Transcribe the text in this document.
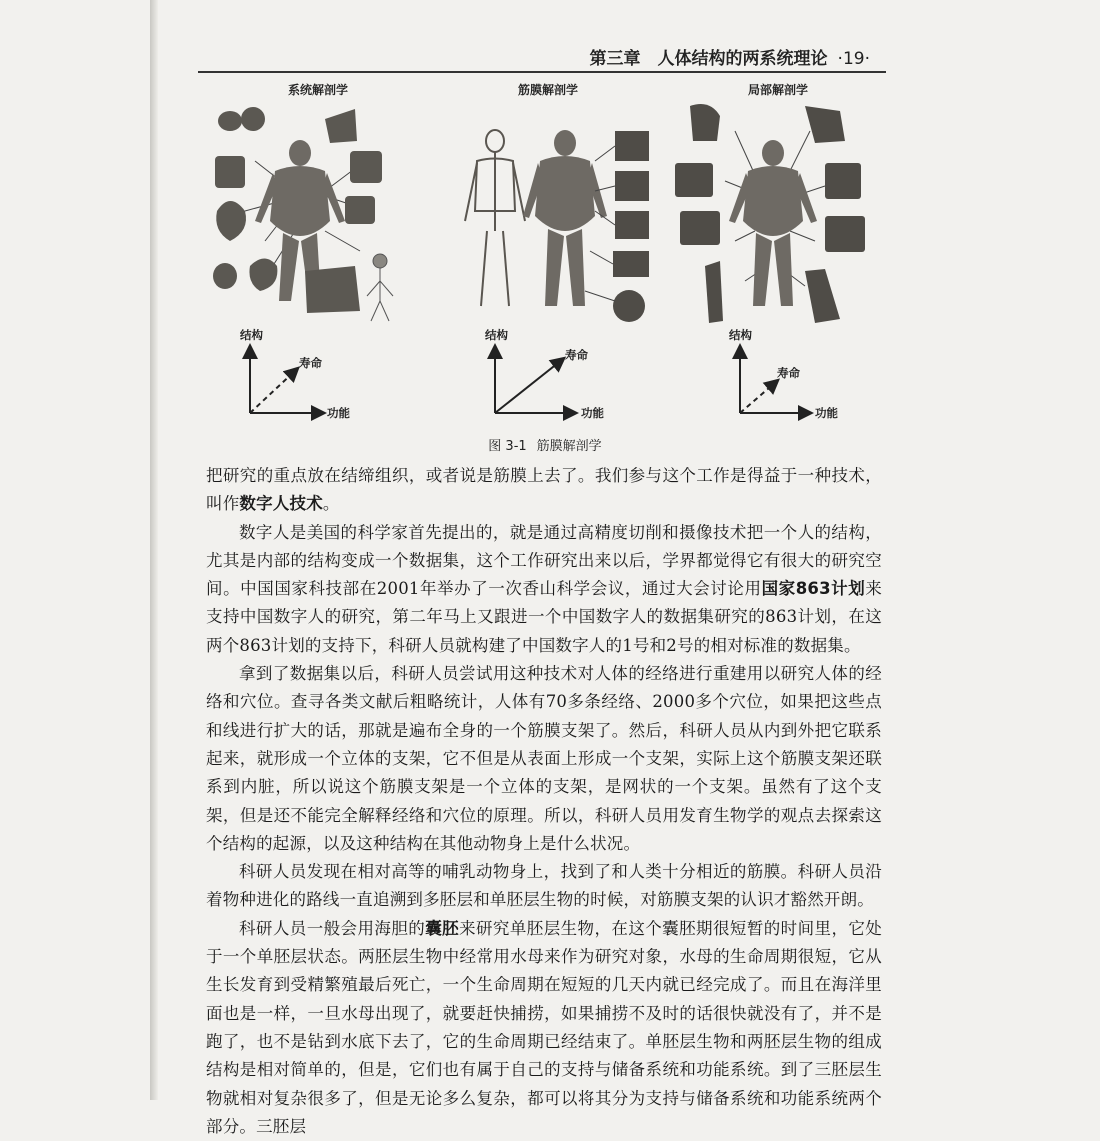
第三章　人体结构的两系统理论 ·19·
系统解剖学
结构
寿命
功能
筋膜解剖学
结构
寿命
功能
局部解剖学
结构
寿命
功能
图 3-1 筋膜解剖学

把研究的重点放在结缔组织，或者说是筋膜上去了。我们参与这个工作是得益于一种技术，叫作数字人技术。

数字人是美国的科学家首先提出的，就是通过高精度切削和摄像技术把一个人的结构，尤其是内部的结构变成一个数据集，这个工作研究出来以后，学界都觉得它有很大的研究空间。中国国家科技部在2001年举办了一次香山科学会议，通过大会讨论用国家863计划来支持中国数字人的研究，第二年马上又跟进一个中国数字人的数据集研究的863计划，在这两个863计划的支持下，科研人员就构建了中国数字人的1号和2号的相对标准的数据集。

拿到了数据集以后，科研人员尝试用这种技术对人体的经络进行重建用以研究人体的经络和穴位。查寻各类文献后粗略统计，人体有70多条经络、2000多个穴位，如果把这些点和线进行扩大的话，那就是遍布全身的一个筋膜支架了。然后，科研人员从内到外把它联系起来，就形成一个立体的支架，它不但是从表面上形成一个支架，实际上这个筋膜支架还联系到内脏，所以说这个筋膜支架是一个立体的支架，是网状的一个支架。虽然有了这个支架，但是还不能完全解释经络和穴位的原理。所以，科研人员用发育生物学的观点去探索这个结构的起源，以及这种结构在其他动物身上是什么状况。

科研人员发现在相对高等的哺乳动物身上，找到了和人类十分相近的筋膜。科研人员沿着物种进化的路线一直追溯到多胚层和单胚层生物的时候，对筋膜支架的认识才豁然开朗。

科研人员一般会用海胆的囊胚来研究单胚层生物，在这个囊胚期很短暂的时间里，它处于一个单胚层状态。两胚层生物中经常用水母来作为研究对象，水母的生命周期很短，它从生长发育到受精繁殖最后死亡，一个生命周期在短短的几天内就已经完成了。而且在海洋里面也是一样，一旦水母出现了，就要赶快捕捞，如果捕捞不及时的话很快就没有了，并不是跑了，也不是钻到水底下去了，它的生命周期已经结束了。单胚层生物和两胚层生物的组成结构是相对简单的，但是，它们也有属于自己的支持与储备系统和功能系统。到了三胚层生物就相对复杂很多了，但是无论多么复杂，都可以将其分为支持与储备系统和功能系统两个部分。三胚层
